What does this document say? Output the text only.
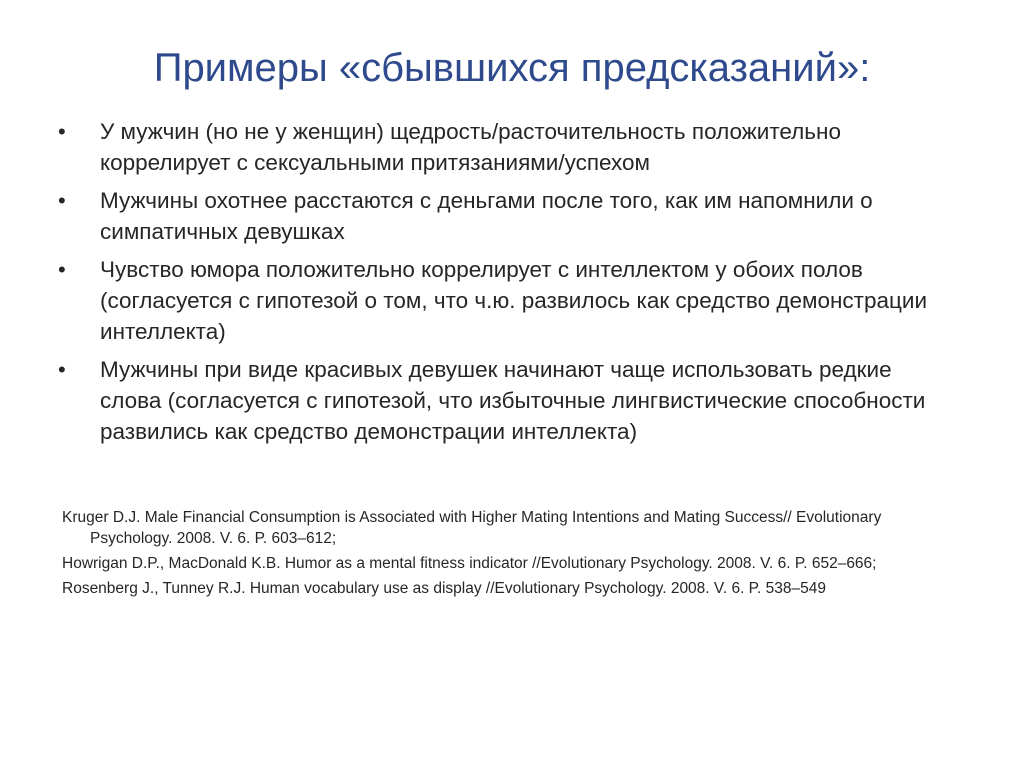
Примеры «сбывшихся предсказаний»:
• У мужчин (но не у женщин) щедрость/расточительность положительно коррелирует с сексуальными притязаниями/успехом
• Мужчины охотнее расстаются с деньгами после того, как им напомнили о симпатичных девушках
• Чувство юмора положительно коррелирует с интеллектом у обоих полов (согласуется с гипотезой о том, что ч.ю. развилось как средство демонстрации интеллекта)
• Мужчины при виде красивых девушек начинают чаще использовать редкие слова (согласуется с гипотезой, что избыточные лингвистические способности развились как средство демонстрации интеллекта)
Kruger D.J. Male Financial Consumption is Associated with Higher Mating Intentions and Mating Success// Evolutionary Psychology. 2008. V. 6. P. 603–612;
Howrigan D.P., MacDonald K.B. Humor as a mental fitness indicator //Evolutionary Psychology. 2008. V. 6. P. 652–666;
Rosenberg J., Tunney R.J. Human vocabulary use as display //Evolutionary Psychology. 2008. V. 6. P. 538–549
